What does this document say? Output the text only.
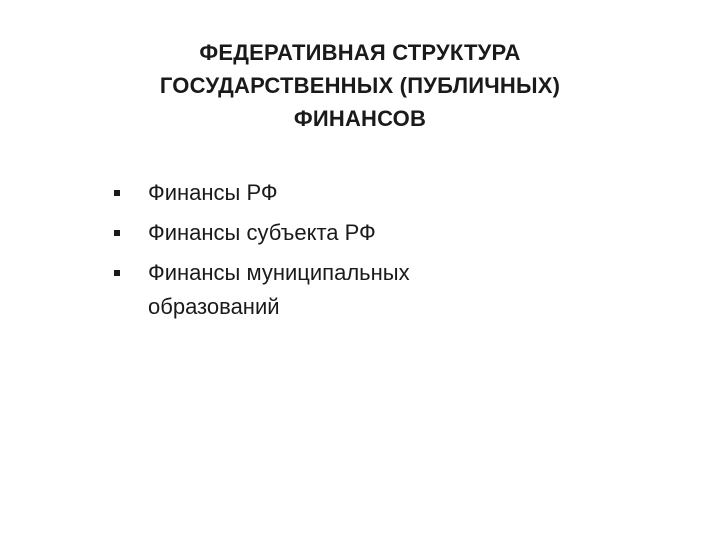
ФЕДЕРАТИВНАЯ СТРУКТУРА
ГОСУДАРСТВЕННЫХ (ПУБЛИЧНЫХ)
ФИНАНСОВ
Финансы РФ
Финансы субъекта РФ
Финансы муниципальных образований
